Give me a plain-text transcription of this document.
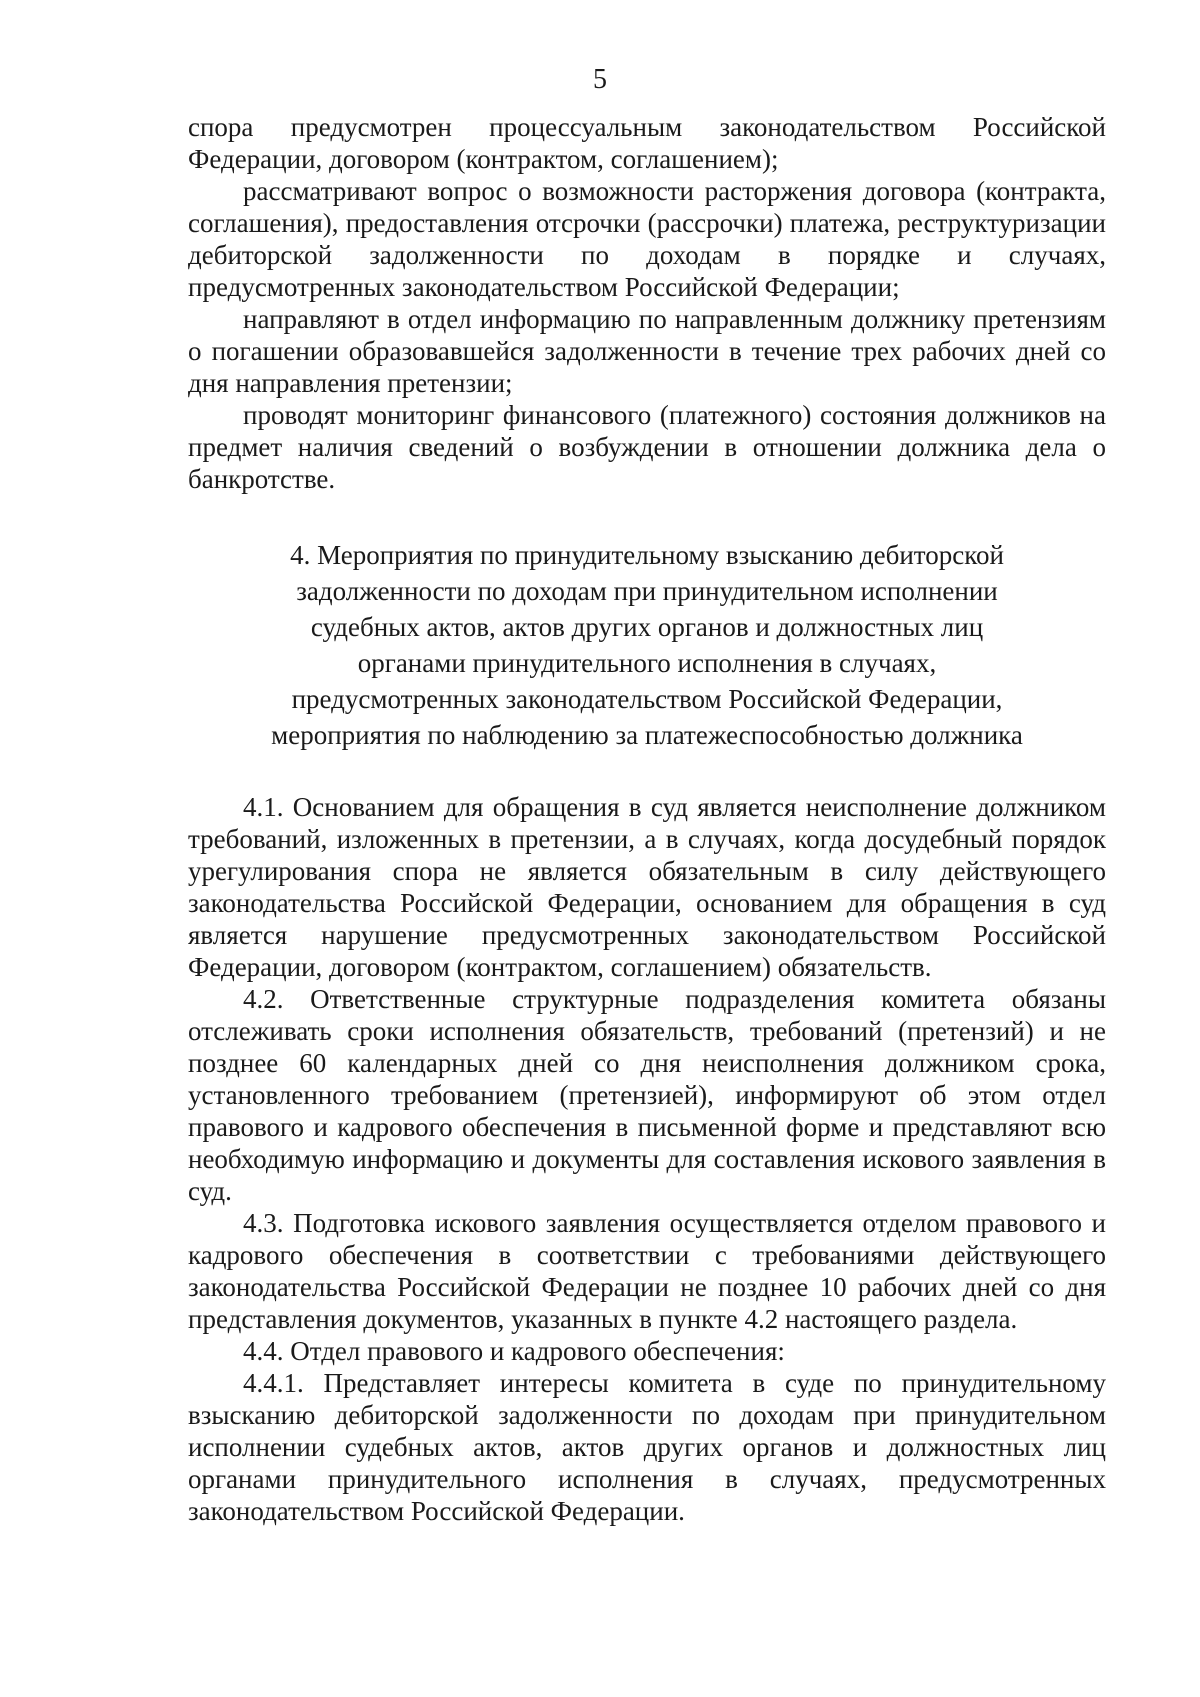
5

спора предусмотрен процессуальным законодательством Российской Федерации, договором (контрактом, соглашением);

рассматривают вопрос о возможности расторжения договора (контракта, соглашения), предоставления отсрочки (рассрочки) платежа, реструктуризации дебиторской задолженности по доходам в порядке и случаях, предусмотренных законодательством Российской Федерации;

направляют в отдел информацию по направленным должнику претензиям о погашении образовавшейся задолженности в течение трех рабочих дней со дня направления претензии;

проводят мониторинг финансового (платежного) состояния должников на предмет наличия сведений о возбуждении в отношении должника дела о банкротстве.

4. Мероприятия по принудительному взысканию дебиторской
задолженности по доходам при принудительном исполнении
судебных актов, актов других органов и должностных лиц
органами принудительного исполнения в случаях,
предусмотренных законодательством Российской Федерации,
мероприятия по наблюдению за платежеспособностью должника

4.1. Основанием для обращения в суд является неисполнение должником требований, изложенных в претензии, а в случаях, когда досудебный порядок урегулирования спора не является обязательным в силу действующего законодательства Российской Федерации, основанием для обращения в суд является нарушение предусмотренных законодательством Российской Федерации, договором (контрактом, соглашением) обязательств.

4.2. Ответственные структурные подразделения комитета обязаны отслеживать сроки исполнения обязательств, требований (претензий) и не позднее 60 календарных дней со дня неисполнения должником срока, установленного требованием (претензией), информируют об этом отдел правового и кадрового обеспечения в письменной форме и представляют всю необходимую информацию и документы для составления искового заявления в суд.

4.3. Подготовка искового заявления осуществляется отделом правового и кадрового обеспечения в соответствии с требованиями действующего законодательства Российской Федерации не позднее 10 рабочих дней со дня представления документов, указанных в пункте 4.2 настоящего раздела.

4.4. Отдел правового и кадрового обеспечения:

4.4.1. Представляет интересы комитета в суде по принудительному взысканию дебиторской задолженности по доходам при принудительном исполнении судебных актов, актов других органов и должностных лиц органами принудительного исполнения в случаях, предусмотренных законодательством Российской Федерации.
